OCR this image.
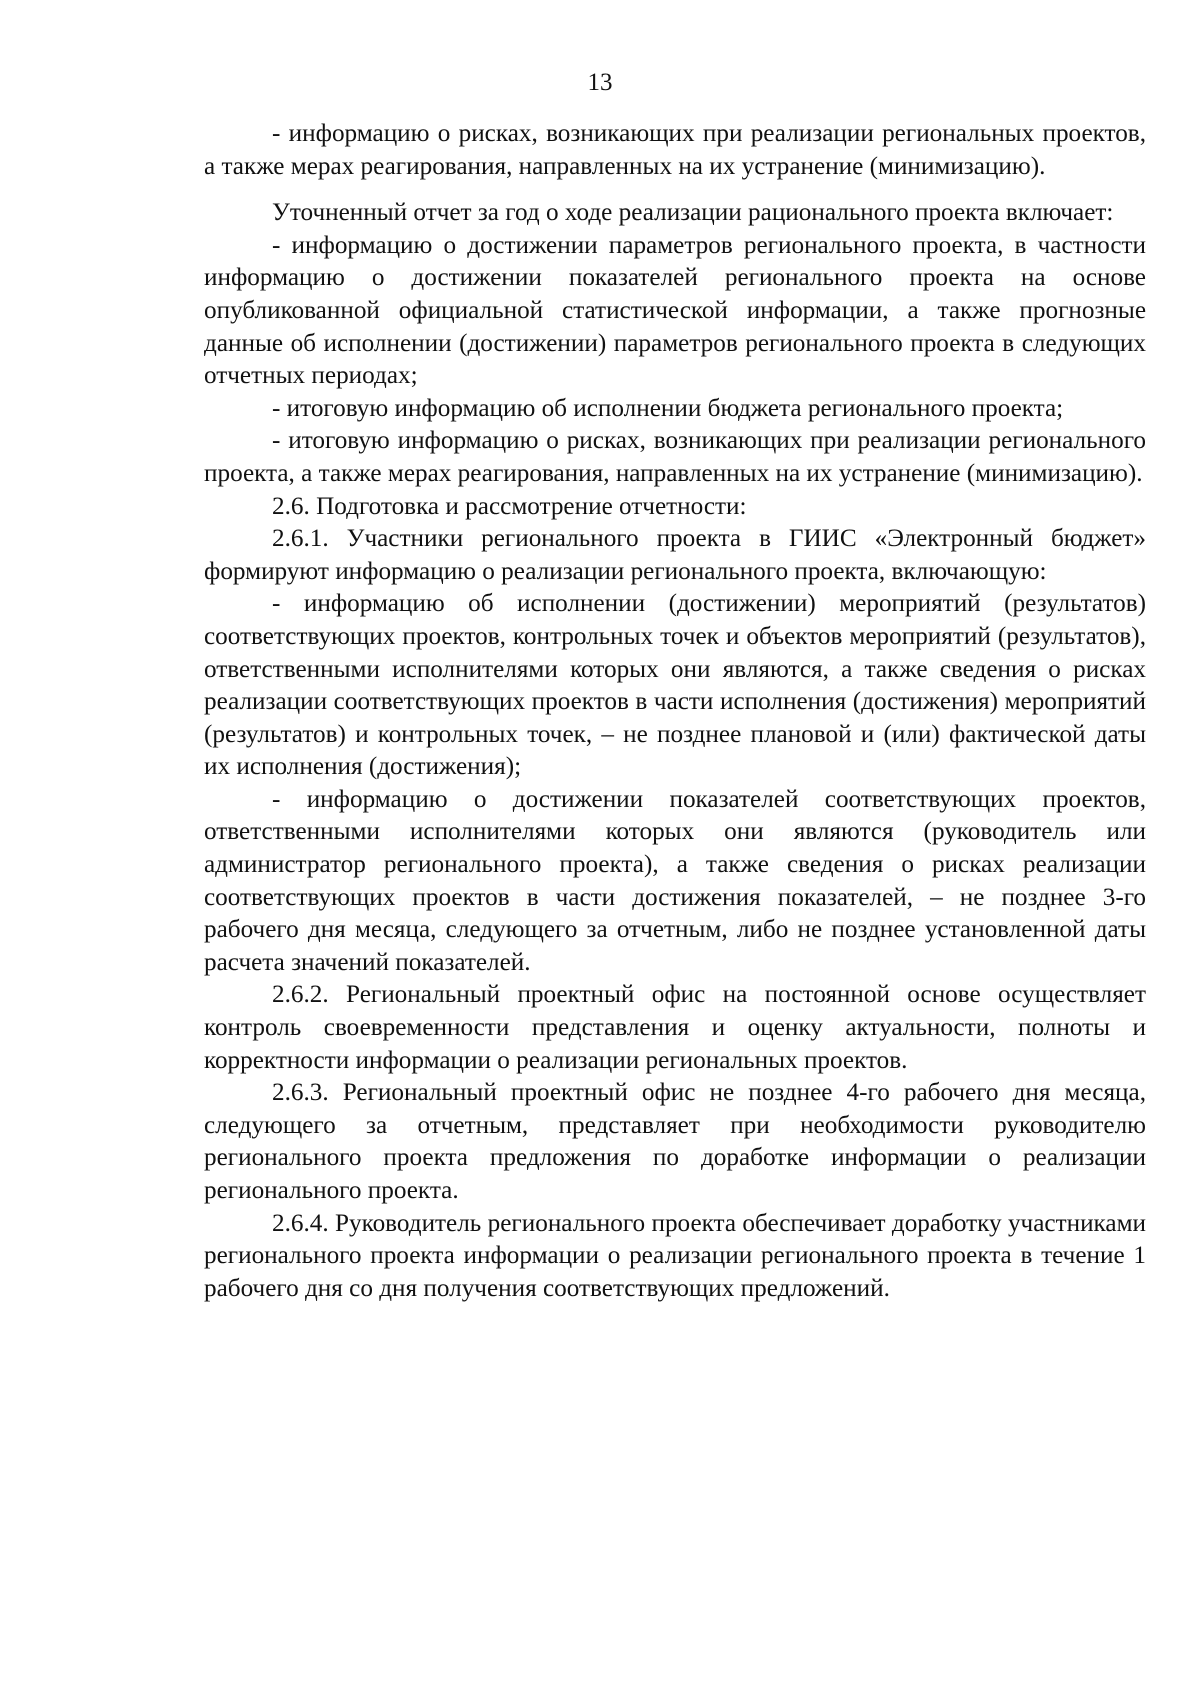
13

- информацию о рисках, возникающих при реализации региональных проектов, а также мерах реагирования, направленных на их устранение (минимизацию).

Уточненный отчет за год о ходе реализации рационального проекта включает:

- информацию о достижении параметров регионального проекта, в частности информацию о достижении показателей регионального проекта на основе опубликованной официальной статистической информации, а также прогнозные данные об исполнении (достижении) параметров регионального проекта в следующих отчетных периодах;

- итоговую информацию об исполнении бюджета регионального проекта;

- итоговую информацию о рисках, возникающих при реализации регионального проекта, а также мерах реагирования, направленных на их устранение (минимизацию).

2.6. Подготовка и рассмотрение отчетности:

2.6.1. Участники регионального проекта в ГИИС «Электронный бюджет» формируют информацию о реализации регионального проекта, включающую:

- информацию об исполнении (достижении) мероприятий (результатов) соответствующих проектов, контрольных точек и объектов мероприятий (результатов), ответственными исполнителями которых они являются, а также сведения о рисках реализации соответствующих проектов в части исполнения (достижения) мероприятий (результатов) и контрольных точек, – не позднее плановой и (или) фактической даты их исполнения (достижения);

- информацию о достижении показателей соответствующих проектов, ответственными исполнителями которых они являются (руководитель или администратор регионального проекта), а также сведения о рисках реализации соответствующих проектов в части достижения показателей, – не позднее 3-го рабочего дня месяца, следующего за отчетным, либо не позднее установленной даты расчета значений показателей.

2.6.2. Региональный проектный офис на постоянной основе осуществляет контроль своевременности представления и оценку актуальности, полноты и корректности информации о реализации региональных проектов.

2.6.3. Региональный проектный офис не позднее 4-го рабочего дня месяца, следующего за отчетным, представляет при необходимости руководителю регионального проекта предложения по доработке информации о реализации регионального проекта.

2.6.4. Руководитель регионального проекта обеспечивает доработку участниками регионального проекта информации о реализации регионального проекта в течение 1 рабочего дня со дня получения соответствующих предложений.
